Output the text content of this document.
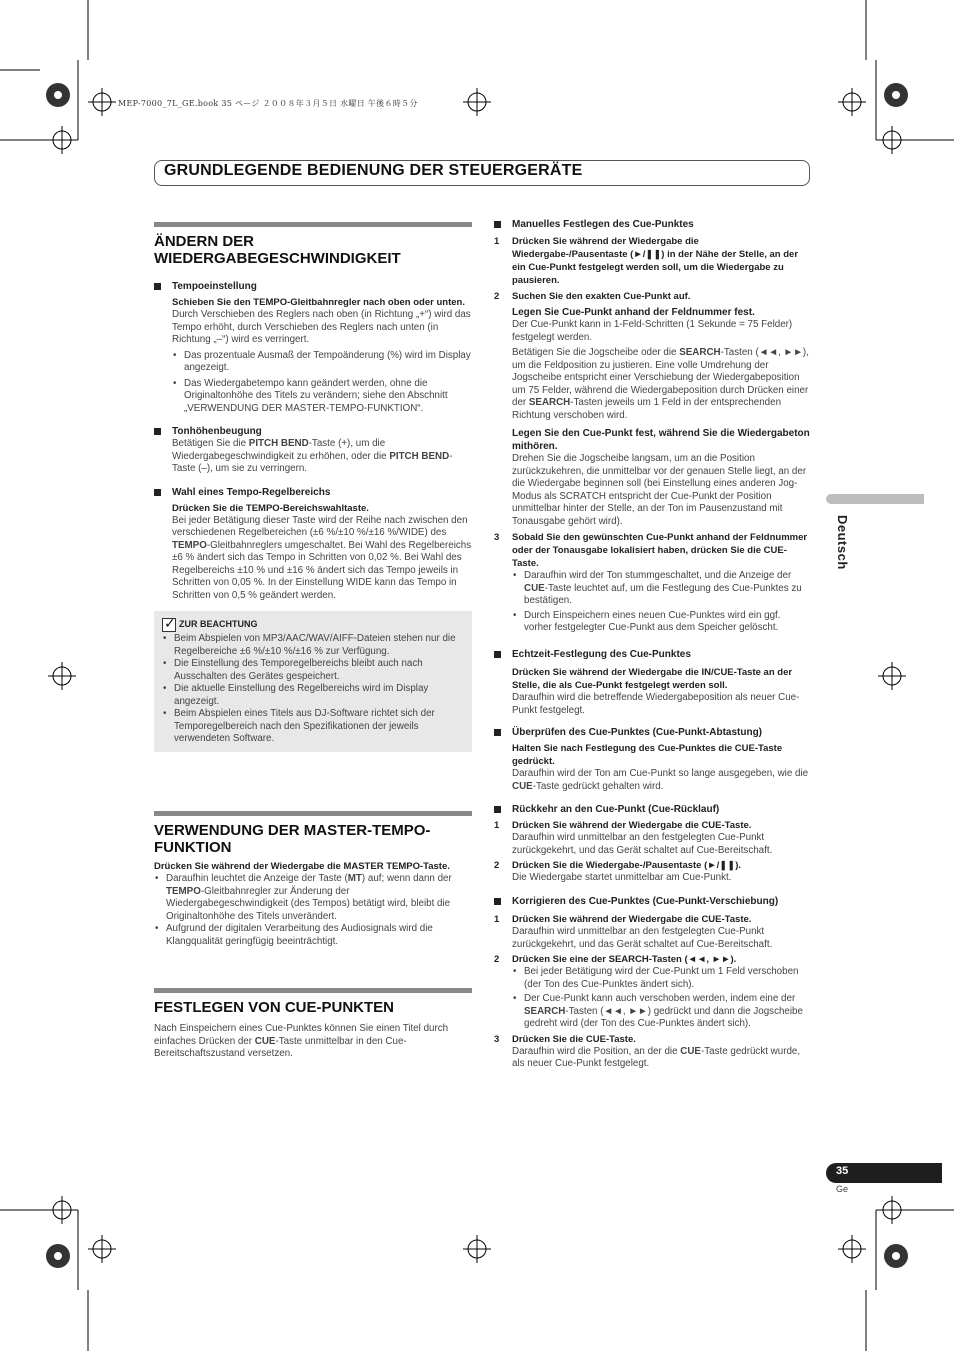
MEP-7000_7L_GE.book 35 ページ ２００８年３月５日 水曜日 午後６時５分
GRUNDLEGENDE BEDIENUNG DER STEUERGERÄTE
ÄNDERN DER WIEDERGABEGESCHWINDIGKEIT
Tempoeinstellung
Schieben Sie den TEMPO-Gleitbahnregler nach oben oder unten.
Durch Verschieben des Reglers nach oben (in Richtung „+“) wird das Tempo erhöht, durch Verschieben des Reglers nach unten (in Richtung „–“) wird es verringert.
• Das prozentuale Ausmaß der Tempoänderung (%) wird im Display angezeigt.
• Das Wiedergabetempo kann geändert werden, ohne die Originaltonhöhe des Titels zu verändern; siehe den Abschnitt „VERWENDUNG DER MASTER-TEMPO-FUNKTION“.
Tonhöhenbeugung
Betätigen Sie die PITCH BEND-Taste (+), um die Wiedergabegeschwindigkeit zu erhöhen, oder die PITCH BEND-Taste (–), um sie zu verringern.
Wahl eines Tempo-Regelbereichs
Drücken Sie die TEMPO-Bereichswahltaste.
Bei jeder Betätigung dieser Taste wird der Reihe nach zwischen den verschiedenen Regelbereichen (±6 %/±10 %/±16 %/WIDE) des TEMPO-Gleitbahnreglers umgeschaltet. Bei Wahl des Regelbereichs ±6 % ändert sich das Tempo in Schritten von 0,02 %. Bei Wahl des Regelbereichs ±10 % und ±16 % ändert sich das Tempo jeweils in Schritten von 0,05 %. In der Einstellung WIDE kann das Tempo in Schritten von 0,5 % geändert werden.
✓
ZUR BEACHTUNG
• Beim Abspielen von MP3/AAC/WAV/AIFF-Dateien stehen nur die Regelbereiche ±6 %/±10 %/±16 % zur Verfügung.
• Die Einstellung des Temporegelbereichs bleibt auch nach Ausschalten des Gerätes gespeichert.
• Die aktuelle Einstellung des Regelbereichs wird im Display angezeigt.
• Beim Abspielen eines Titels aus DJ-Software richtet sich der Temporegelbereich nach den Spezifikationen der jeweils verwendeten Software.
VERWENDUNG DER MASTER-TEMPO-FUNKTION
Drücken Sie während der Wiedergabe die MASTER TEMPO-Taste.
• Daraufhin leuchtet die Anzeige der Taste (MT) auf; wenn dann der TEMPO-Gleitbahnregler zur Änderung der Wiedergabegeschwindigkeit (des Tempos) betätigt wird, bleibt die Originaltonhöhe des Titels unverändert.
• Aufgrund der digitalen Verarbeitung des Audiosignals wird die Klangqualität geringfügig beeinträchtigt.
FESTLEGEN VON CUE-PUNKTEN
Nach Einspeichern eines Cue-Punktes können Sie einen Titel durch einfaches Drücken der CUE-Taste unmittelbar in den Cue-Bereitschaftszustand versetzen.
Manuelles Festlegen des Cue-Punktes
1 Drücken Sie während der Wiedergabe die Wiedergabe-/Pausentaste (►/❚❚) in der Nähe der Stelle, an der ein Cue-Punkt festgelegt werden soll, um die Wiedergabe zu pausieren.
2 Suchen Sie den exakten Cue-Punkt auf.
Legen Sie Cue-Punkt anhand der Feldnummer fest.
Der Cue-Punkt kann in 1-Feld-Schritten (1 Sekunde = 75 Felder) festgelegt werden.
Betätigen Sie die Jogscheibe oder die SEARCH-Tasten (◄◄, ►►), um die Feldposition zu justieren. Eine volle Umdrehung der Jogscheibe entspricht einer Verschiebung der Wiedergabeposition um 75 Felder, während die Wiedergabeposition durch Drücken einer der SEARCH-Tasten jeweils um 1 Feld in der entsprechenden Richtung verschoben wird.
Legen Sie den Cue-Punkt fest, während Sie die Wiedergabeton mithören.
Drehen Sie die Jogscheibe langsam, um an die Position zurückzukehren, die unmittelbar vor der genauen Stelle liegt, an der die Wiedergabe beginnen soll (bei Einstellung eines anderen Jog-Modus als SCRATCH entspricht der Cue-Punkt der Position unmittelbar hinter der Stelle, an der Ton im Pausenzustand mit Tonausgabe gehört wird).
3 Sobald Sie den gewünschten Cue-Punkt anhand der Feldnummer oder der Tonausgabe lokalisiert haben, drücken Sie die CUE-Taste.
• Daraufhin wird der Ton stummgeschaltet, und die Anzeige der CUE-Taste leuchtet auf, um die Festlegung des Cue-Punktes zu bestätigen.
• Durch Einspeichern eines neuen Cue-Punktes wird ein ggf. vorher festgelegter Cue-Punkt aus dem Speicher gelöscht.
Echtzeit-Festlegung des Cue-Punktes
Drücken Sie während der Wiedergabe die IN/CUE-Taste an der Stelle, die als Cue-Punkt festgelegt werden soll.
Daraufhin wird die betreffende Wiedergabeposition als neuer Cue-Punkt festgelegt.
Überprüfen des Cue-Punktes (Cue-Punkt-Abtastung)
Halten Sie nach Festlegung des Cue-Punktes die CUE-Taste gedrückt.
Daraufhin wird der Ton am Cue-Punkt so lange ausgegeben, wie die CUE-Taste gedrückt gehalten wird.
Rückkehr an den Cue-Punkt (Cue-Rücklauf)
1 Drücken Sie während der Wiedergabe die CUE-Taste.
Daraufhin wird unmittelbar an den festgelegten Cue-Punkt zurückgekehrt, und das Gerät schaltet auf Cue-Bereitschaft.
2 Drücken Sie die Wiedergabe-/Pausentaste (►/❚❚).
Die Wiedergabe startet unmittelbar am Cue-Punkt.
Korrigieren des Cue-Punktes (Cue-Punkt-Verschiebung)
1 Drücken Sie während der Wiedergabe die CUE-Taste.
Daraufhin wird unmittelbar an den festgelegten Cue-Punkt zurückgekehrt, und das Gerät schaltet auf Cue-Bereitschaft.
2 Drücken Sie eine der SEARCH-Tasten (◄◄, ►►).
• Bei jeder Betätigung wird der Cue-Punkt um 1 Feld verschoben (der Ton des Cue-Punktes ändert sich).
• Der Cue-Punkt kann auch verschoben werden, indem eine der SEARCH-Tasten (◄◄, ►►) gedrückt und dann die Jogscheibe gedreht wird (der Ton des Cue-Punktes ändert sich).
3 Drücken Sie die CUE-Taste.
Daraufhin wird die Position, an der die CUE-Taste gedrückt wurde, als neuer Cue-Punkt festgelegt.
Deutsch
35
Ge
